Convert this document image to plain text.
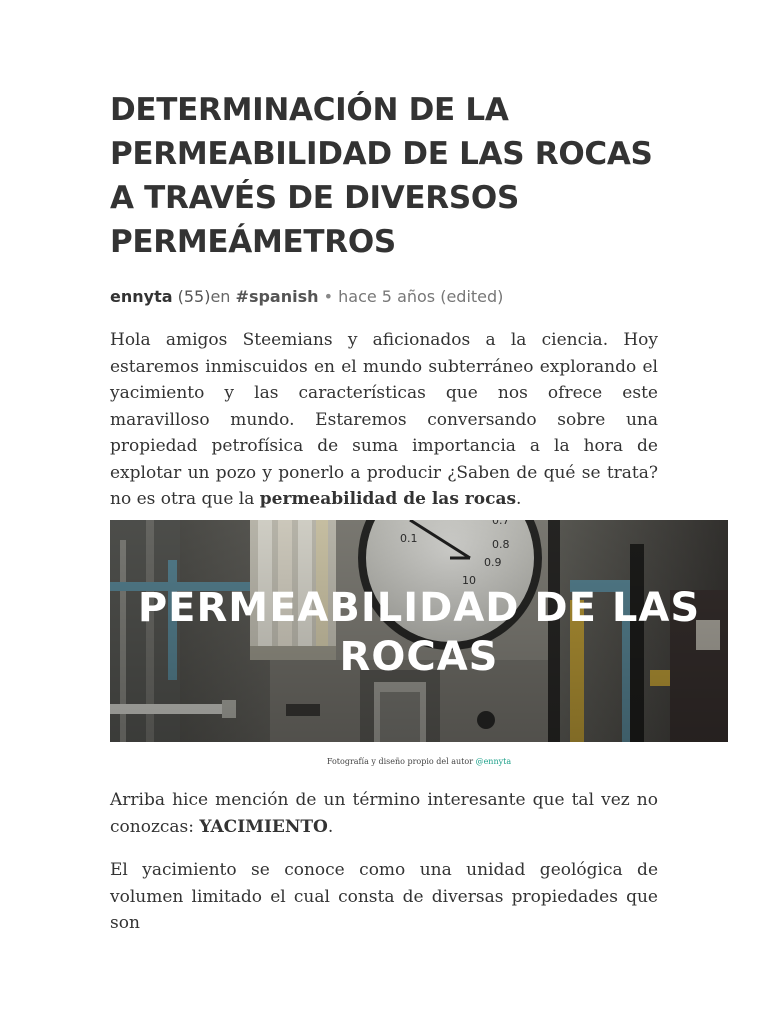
DETERMINACIÓN DE LA PERMEABILIDAD DE LAS ROCAS A TRAVÉS DE DIVERSOS PERMEÁMETROS
ennyta (55)en #spanish • hace 5 años (edited)

Hola amigos Steemians y aficionados a la ciencia. Hoy estaremos inmiscuidos en el mundo subterráneo explorando el yacimiento y las características que nos ofrece este maravilloso mundo. Estaremos conversando sobre una propiedad petrofísica de suma importancia a la hora de explotar un pozo y ponerlo a producir ¿Saben de qué se trata? no es otra que la permeabilidad de las rocas.

PERMEABILIDAD DE LAS
ROCAS
Fotografía y diseño propio del autor @ennyta

Arriba hice mención de un término interesante que tal vez no conozcas: YACIMIENTO.

El yacimiento se conoce como una unidad geológica de volumen limitado el cual consta de diversas propiedades que son
